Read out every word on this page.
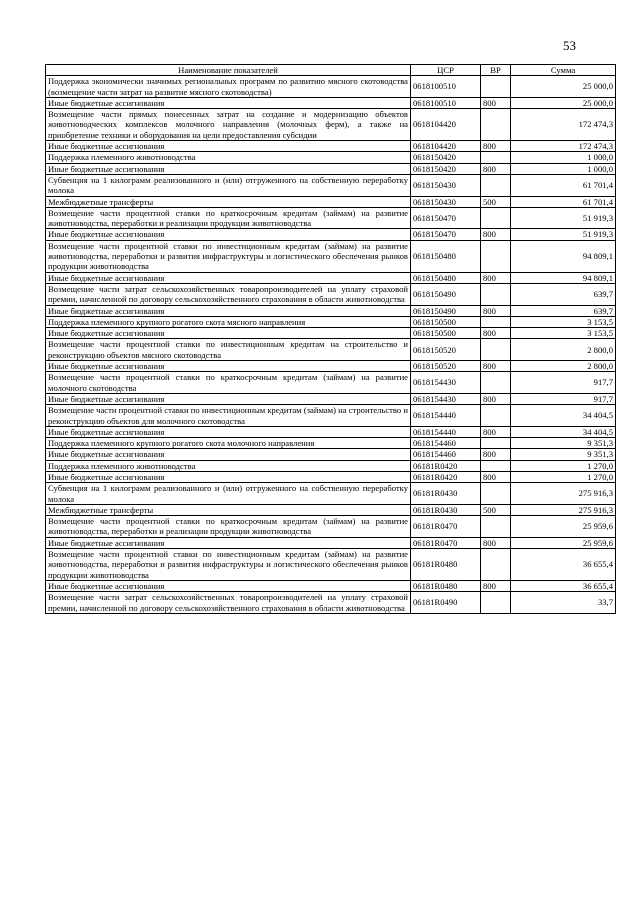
53
Наименование показателей	ЦСР	ВР	Сумма
Поддержка экономически значимых региональных программ по развитию мясного скотоводства (возмещение части затрат на развитие мясного скотоводства)	0618100510		25 000,0
Иные бюджетные ассигнования	0618100510	800	25 000,0
Возмещение части прямых понесенных затрат на создание и модернизацию объектов животноводческих комплексов молочного направления (молочных ферм), а также на приобретение техники и оборудования на цели предоставления субсидии	0618104420		172 474,3
Иные бюджетные ассигнования	0618104420	800	172 474,3
Поддержка племенного животноводства	0618150420		1 000,0
Иные бюджетные ассигнования	0618150420	800	1 000,0
Субвенция на 1 килограмм реализованного и (или) отгруженного на собственную переработку молока	0618150430		61 701,4
Межбюджетные трансферты	0618150430	500	61 701,4
Возмещение части процентной ставки по краткосрочным кредитам (займам) на развитие животноводства, переработки и реализации продукции животноводства	0618150470		51 919,3
Иные бюджетные ассигнования	0618150470	800	51 919,3
Возмещение части процентной ставки по инвестиционным кредитам (займам) на развитие животноводства, переработки и развития инфраструктуры и логистического обеспечения рынков продукции животноводства	0618150480		94 809,1
Иные бюджетные ассигнования	0618150480	800	94 809,1
Возмещение части затрат сельскохозяйственных товаропроизводителей на уплату страховой премии, начисленной по договору сельскохозяйственного страхования в области животноводства	0618150490		639,7
Иные бюджетные ассигнования	0618150490	800	639,7
Поддержка племенного крупного рогатого скота мясного направления	0618150500		3 153,5
Иные бюджетные ассигнования	0618150500	800	3 153,5
Возмещение части процентной ставки по инвестиционным кредитам на строительство и реконструкцию объектов мясного скотоводства	0618150520		2 800,0
Иные бюджетные ассигнования	0618150520	800	2 800,0
Возмещение части процентной ставки по краткосрочным кредитам (займам) на развитие молочного скотоводства	0618154430		917,7
Иные бюджетные ассигнования	0618154430	800	917,7
Возмещение части процентной ставки по инвестиционным кредитам (займам) на строительство и реконструкцию объектов для молочного скотоводства	0618154440		34 404,5
Иные бюджетные ассигнования	0618154440	800	34 404,5
Поддержка племенного крупного рогатого скота молочного направления	0618154460		9 351,3
Иные бюджетные ассигнования	0618154460	800	9 351,3
Поддержка племенного животноводства	06181R0420		1 270,0
Иные бюджетные ассигнования	06181R0420	800	1 270,0
Субвенция на 1 килограмм реализованного и (или) отгруженного на собственную переработку молока	06181R0430		275 916,3
Межбюджетные трансферты	06181R0430	500	275 916,3
Возмещение части процентной ставки по краткосрочным кредитам (займам) на развитие животноводства, переработки и реализации продукции животноводства	06181R0470		25 959,6
Иные бюджетные ассигнования	06181R0470	800	25 959,6
Возмещение части процентной ставки по инвестиционным кредитам (займам) на развитие животноводства, переработки и развития инфраструктуры и логистического обеспечения рынков продукции животноводства	06181R0480		36 655,4
Иные бюджетные ассигнования	06181R0480	800	36 655,4
Возмещение части затрат сельскохозяйственных товаропроизводителей на уплату страховой премии, начисленной по договору сельскохозяйственного страхования в области животноводства	06181R0490		33,7
